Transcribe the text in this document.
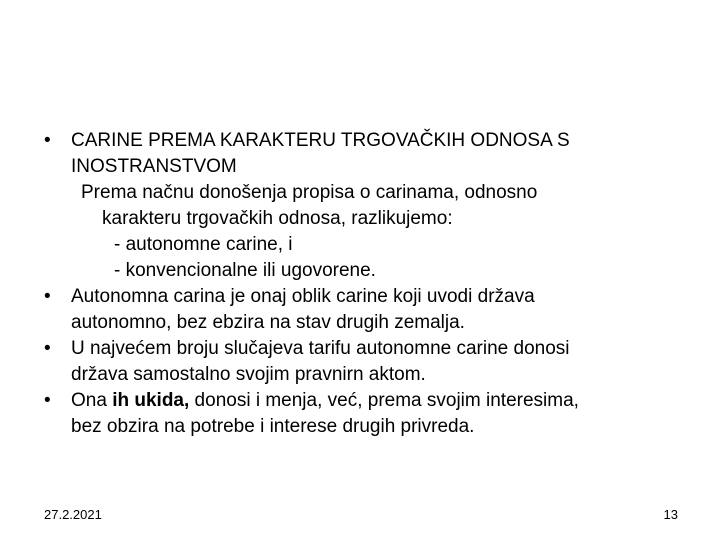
•	CARINE PREMA KARAKTERU TRGOVAČKIH ODNOSA S
INOSTRANSTVOM
Prema načnu donošenja propisa o carinama, odnosno
karakteru trgovačkih odnosa, razlikujemo:
- autonomne carine, i
- konvencionalne ili ugovorene.
•	Autonomna carina je onaj oblik carine koji uvodi država
autonomno, bez ebzira na stav drugih zemalja.
•	U najvećem broju slučajeva tarifu autonomne carine donosi
država samostalno svojim pravnirn aktom.
•	Ona ih ukida, donosi i menja, već, prema svojim interesima,
bez obzira na potrebe i interese drugih privreda.
27.2.2021	13
